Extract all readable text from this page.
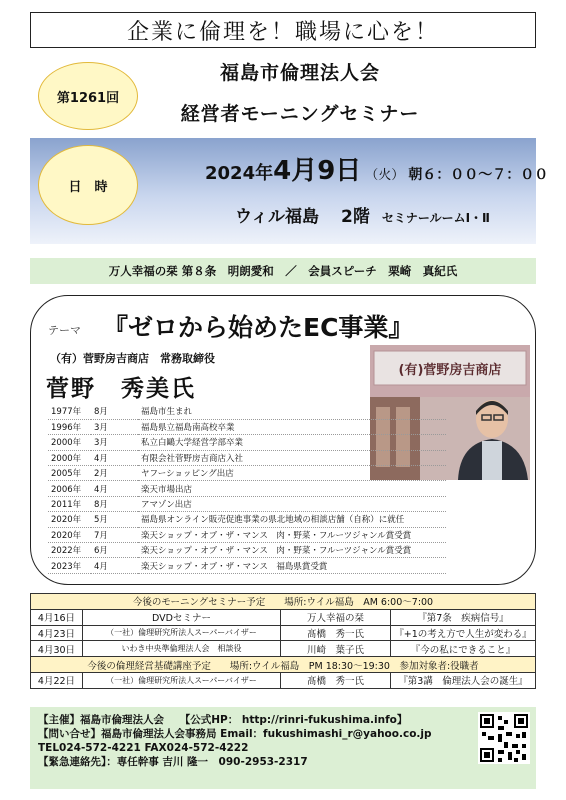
企業に倫理を！職場に心を！
第1261回
福島市倫理法人会
経営者モーニングセミナー
日　時
2024年4月9日 （火） 朝６：００～７：００
ウィル福島 2階 セミナールームⅠ・Ⅱ
万人幸福の栞 第８条　明朗愛和　／　会員スピーチ　栗崎　真紀氏
テーマ 『ゼロから始めたEC事業』
（有）菅野房吉商店　常務取締役
菅野　秀美氏
(有)菅野房吉商店
1977年	8月	福島市生まれ
1996年	3月	福島県立福島南高校卒業
2000年	3月	私立白鷗大学経営学部卒業
2000年	4月	有限会社菅野房吉商店入社
2005年	2月	ヤフーショッピング出店
2006年	4月	楽天市場出店
2011年	8月	アマゾン出店
2020年	5月	福島県オンライン販売促進事業の県北地域の相談店舗（自称）に就任
2020年	7月	楽天ショップ・オブ・ザ・マンス　肉・野菜・フルーツジャンル賞受賞
2022年	6月	楽天ショップ・オブ・ザ・マンス　肉・野菜・フルーツジャンル賞受賞
2023年	4月	楽天ショップ・オブ・ザ・マンス　福島県賞受賞
今後のモーニングセミナー予定　　場所:ウイル福島　AM 6:00～7:00			
4月16日	DVDセミナー	万人幸福の栞	『第7条　疾病信号』
4月23日	（一社）倫理研究所法人スーパーバイザー	髙橋　秀一氏	『+1の考え方で人生が変わる』
4月30日	いわき中央準倫理法人会　相談役	川崎　葉子氏	『今の私にできること』
今後の倫理経営基礎講座予定　　場所:ウイル福島　PM 18:30～19:30　参加対象者:役職者			
4月22日	（一社）倫理研究所法人スーパーバイザー	髙橋　秀一氏	『第3講　倫理法人会の誕生』
【主催】福島市倫理法人会　　【公式HP： http://rinri-fukushima.info】
【問い合せ】福島市倫理法人会事務局 Email：fukushimashi_r@yahoo.co.jp
TEL024-572-4221 FAX024-572-4222
【緊急連絡先】：専任幹事 吉川 隆一　090-2953-2317
